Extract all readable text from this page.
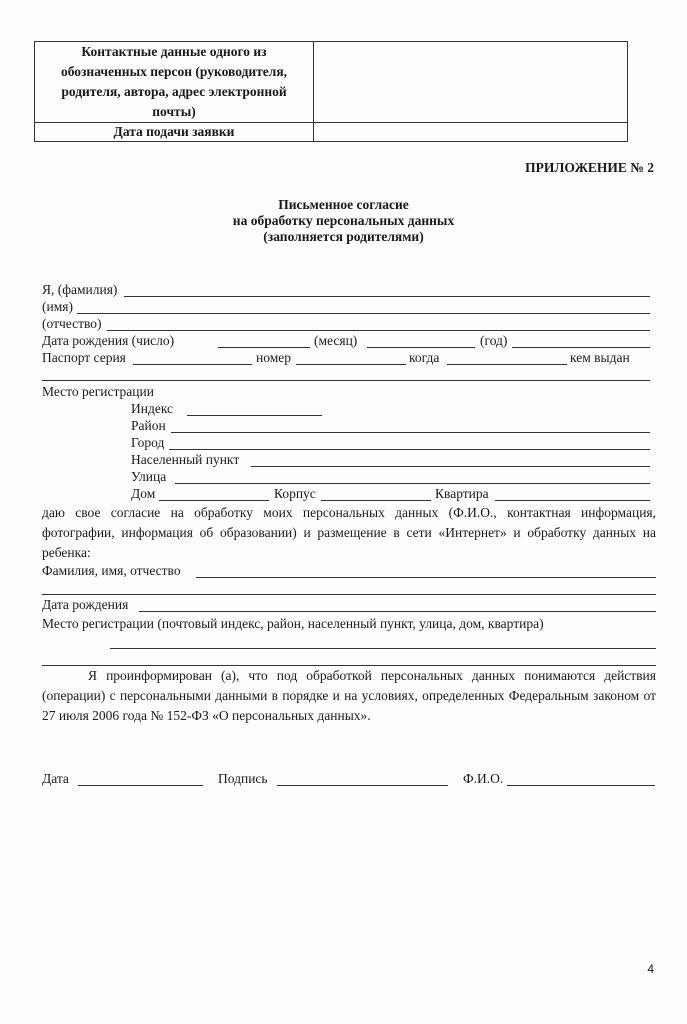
Контактные данные одного из
обозначенных персон (руководителя,
родителя, автора, адрес электронной
почты)
Дата подачи заявки
ПРИЛОЖЕНИЕ № 2
Письменное согласие
на обработку персональных данных
(заполняется родителями)
Я, (фамилия)
(имя)
(отчество)
Дата рождения (число)	(месяц)	(год)
Паспорт серия	номер	когда	кем выдан
Место регистрации
Индекс
Район
Город
Населенный пункт
Улица
Дом	Корпус	Квартира
даю свое согласие на обработку моих персональных данных (Ф.И.О., контактная информация, фотографии, информация об образовании) и размещение в сети «Интернет» и обработку данных на ребенка:
Фамилия, имя, отчество
Дата рождения
Место регистрации (почтовый индекс, район, населенный пункт, улица, дом, квартира)
Я проинформирован (а), что под обработкой персональных данных понимаются действия (операции) с персональными данными в порядке и на условиях, определенных Федеральным законом от 27 июля 2006 года № 152-ФЗ «О персональных данных».
Дата	Подпись	Ф.И.О.
4
